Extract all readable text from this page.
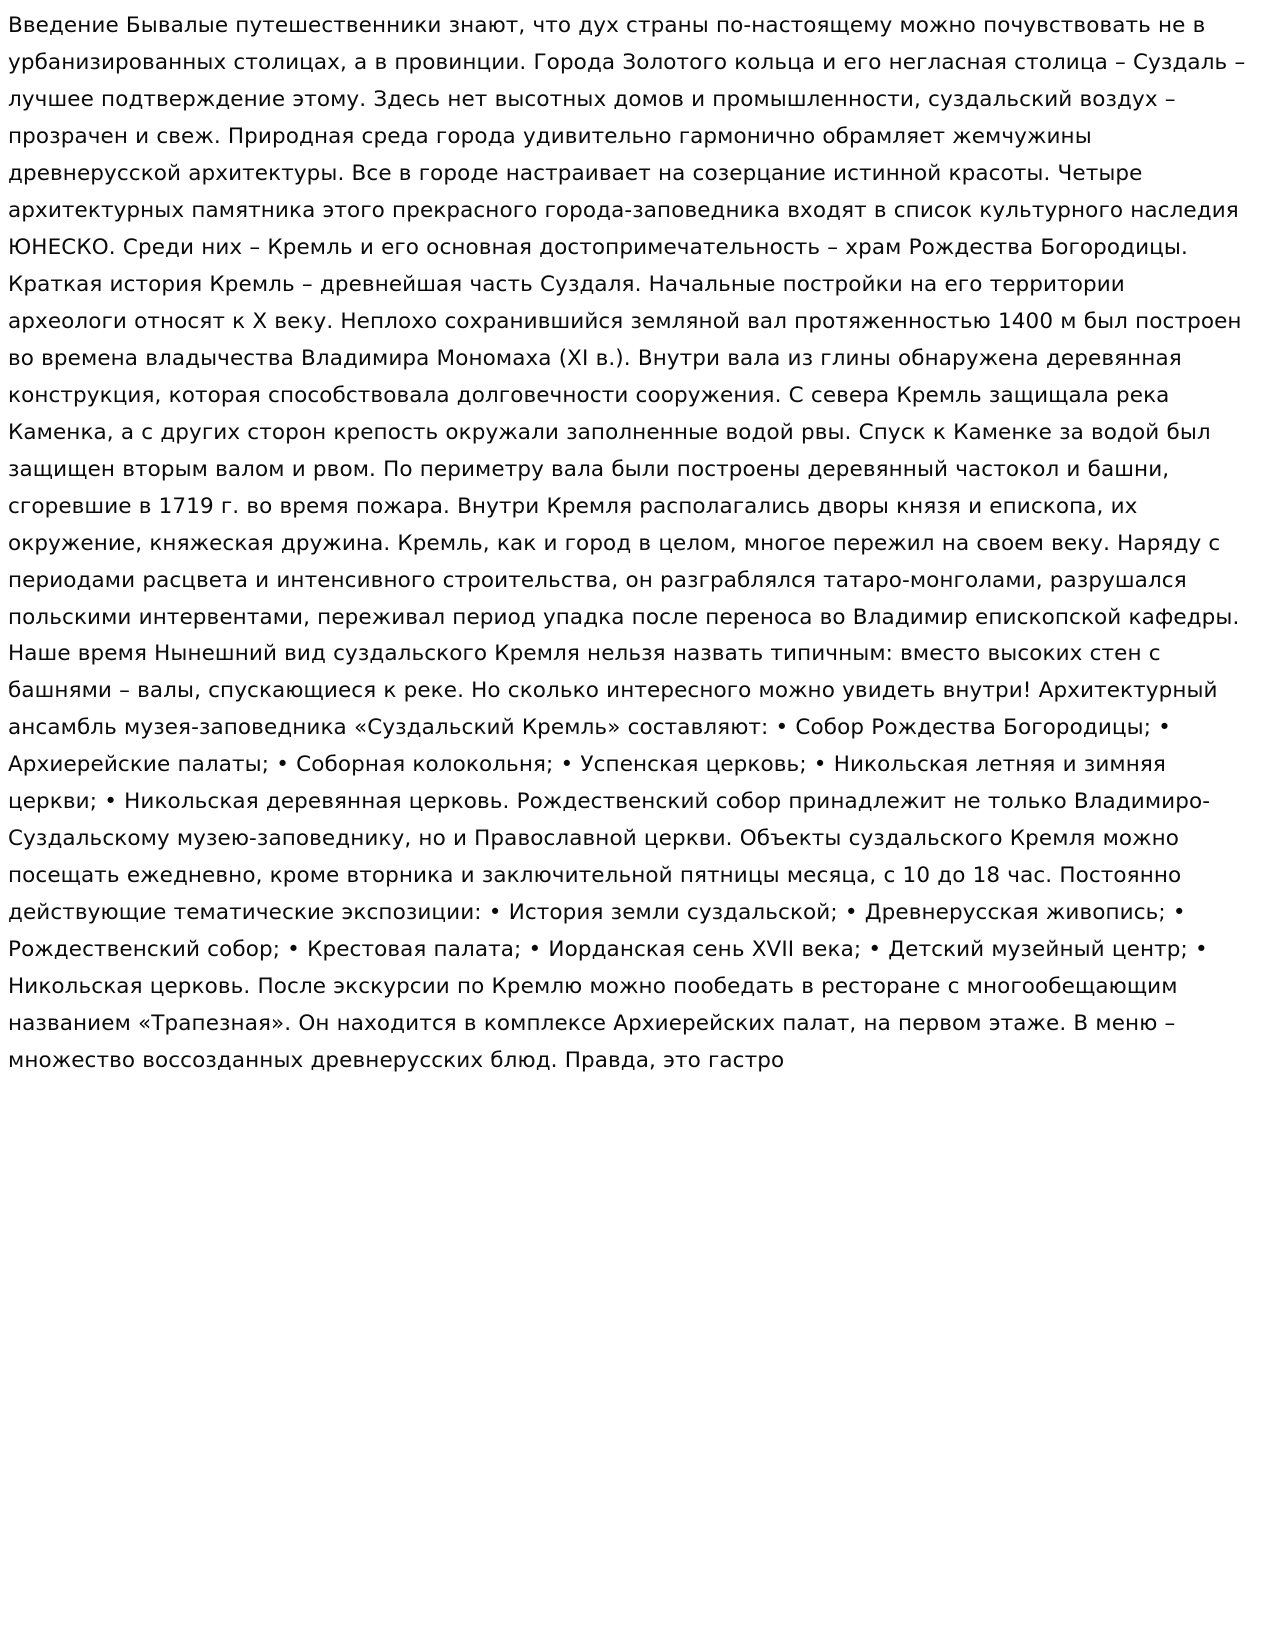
Введение Бывалые путешественники знают, что дух страны по-настоящему можно почувствовать не в урбанизированных столицах, а в провинции. Города Золотого кольца и его негласная столица – Суздаль – лучшее подтверждение этому. Здесь нет высотных домов и промышленности, суздальский воздух – прозрачен и свеж. Природная среда города удивительно гармонично обрамляет жемчужины древнерусской архитектуры. Все в городе настраивает на созерцание истинной красоты. Четыре архитектурных памятника этого прекрасного города-заповедника входят в список культурного наследия ЮНЕСКО. Среди них – Кремль и его основная достопримечательность – храм Рождества Богородицы. Краткая история Кремль – древнейшая часть Суздаля. Начальные постройки на его территории археологи относят к X веку. Неплохо сохранившийся земляной вал протяженностью 1400 м был построен во времена владычества Владимира Мономаха (XI в.). Внутри вала из глины обнаружена деревянная конструкция, которая способствовала долговечности сооружения. С севера Кремль защищала река Каменка, а с других сторон крепость окружали заполненные водой рвы. Спуск к Каменке за водой был защищен вторым валом и рвом. По периметру вала были построены деревянный частокол и башни, сгоревшие в 1719 г. во время пожара. Внутри Кремля располагались дворы князя и епископа, их окружение, княжеская дружина. Кремль, как и город в целом, многое пережил на своем веку. Наряду с периодами расцвета и интенсивного строительства, он разграблялся татаро-монголами, разрушался польскими интервентами, переживал период упадка после переноса во Владимир епископской кафедры. Наше время Нынешний вид суздальского Кремля нельзя назвать типичным: вместо высоких стен с башнями – валы, спускающиеся к реке. Но сколько интересного можно увидеть внутри! Архитектурный ансамбль музея-заповедника «Суздальский Кремль» составляют: • Собор Рождества Богородицы; • Архиерейские палаты; • Соборная колокольня; • Успенская церковь; • Никольская летняя и зимняя церкви; • Никольская деревянная церковь. Рождественский собор принадлежит не только Владимиро-Суздальскому музею-заповеднику, но и Православной церкви. Объекты суздальского Кремля можно посещать ежедневно, кроме вторника и заключительной пятницы месяца, с 10 до 18 час. Постоянно действующие тематические экспозиции: • История земли суздальской; • Древнерусская живопись; • Рождественский собор; • Крестовая палата; • Иорданская сень XVII века; • Детский музейный центр; • Никольская церковь. После экскурсии по Кремлю можно пообедать в ресторане с многообещающим названием «Трапезная». Он находится в комплексе Архиерейских палат, на первом этаже. В меню – множество воссозданных древнерусских блюд. Правда, это гастро
